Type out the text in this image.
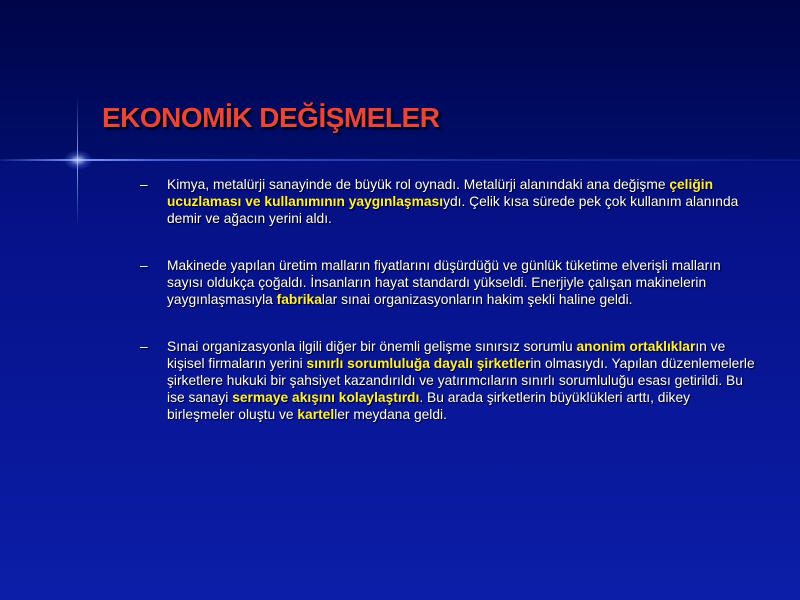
EKONOMİK DEĞİŞMELER
– Kimya, metalürji sanayinde de büyük rol oynadı. Metalürji alanındaki ana değişme çeliğin ucuzlaması ve kullanımının yaygınlaşmasıydı. Çelik kısa sürede pek çok kullanım alanında demir ve ağacın yerini aldı.
– Makinede yapılan üretim malların fiyatlarını düşürdüğü ve günlük tüketime elverişli malların sayısı oldukça çoğaldı. İnsanların hayat standardı yükseldi. Enerjiyle çalışan makinelerin yaygınlaşmasıyla fabrikalar sınai organizasyonların hakim şekli haline geldi.
– Sınai organizasyonla ilgili diğer bir önemli gelişme sınırsız sorumlu anonim ortaklıkların ve kişisel firmaların yerini sınırlı sorumluluğa dayalı şirketlerin olmasıydı. Yapılan düzenlemelerle şirketlere hukuki bir şahsiyet kazandırıldı ve yatırımcıların sınırlı sorumluluğu esası getirildi. Bu ise sanayi sermaye akışını kolaylaştırdı. Bu arada şirketlerin büyüklükleri arttı, dikey birleşmeler oluştu ve karteller meydana geldi.
